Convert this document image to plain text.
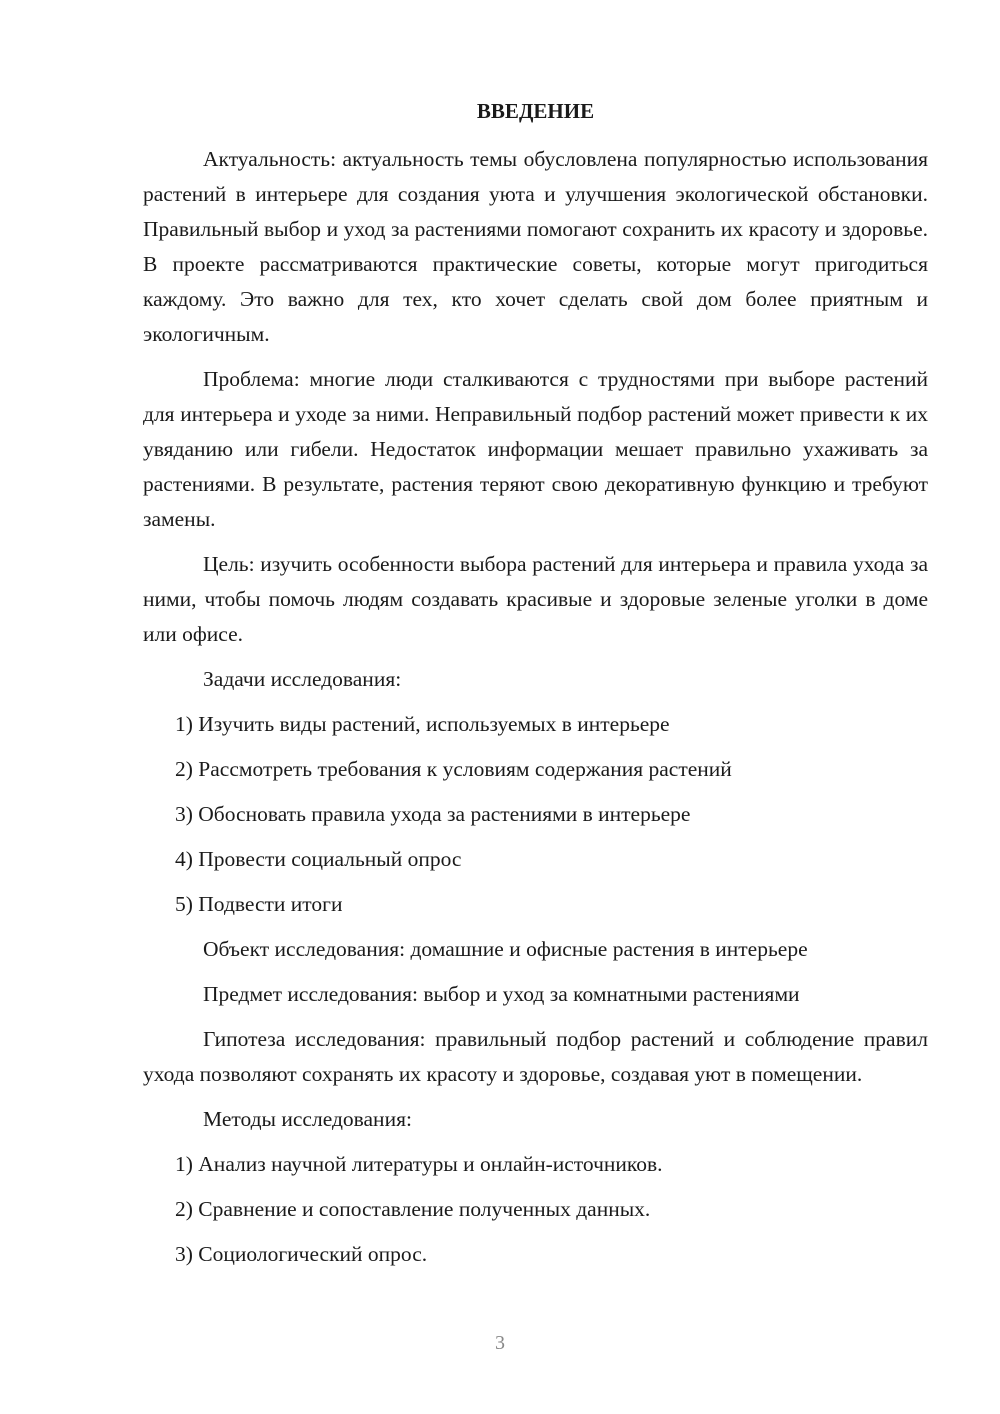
ВВЕДЕНИЕ

Актуальность: актуальность темы обусловлена популярностью использования растений в интерьере для создания уюта и улучшения экологической обстановки. Правильный выбор и уход за растениями помогают сохранить их красоту и здоровье. В проекте рассматриваются практические советы, которые могут пригодиться каждому. Это важно для тех, кто хочет сделать свой дом более приятным и экологичным.

Проблема: многие люди сталкиваются с трудностями при выборе растений для интерьера и уходе за ними. Неправильный подбор растений может привести к их увяданию или гибели. Недостаток информации мешает правильно ухаживать за растениями. В результате, растения теряют свою декоративную функцию и требуют замены.

Цель: изучить особенности выбора растений для интерьера и правила ухода за ними, чтобы помочь людям создавать красивые и здоровые зеленые уголки в доме или офисе.

Задачи исследования:

1) Изучить виды растений, используемых в интерьере

2) Рассмотреть требования к условиям содержания растений

3) Обосновать правила ухода за растениями в интерьере

4) Провести социальный опрос

5) Подвести итоги

Объект исследования: домашние и офисные растения в интерьере

Предмет исследования: выбор и уход за комнатными растениями

Гипотеза исследования: правильный подбор растений и соблюдение правил ухода позволяют сохранять их красоту и здоровье, создавая уют в помещении.

Методы исследования:

1) Анализ научной литературы и онлайн-источников.

2) Сравнение и сопоставление полученных данных.

3) Социологический опрос.

3
